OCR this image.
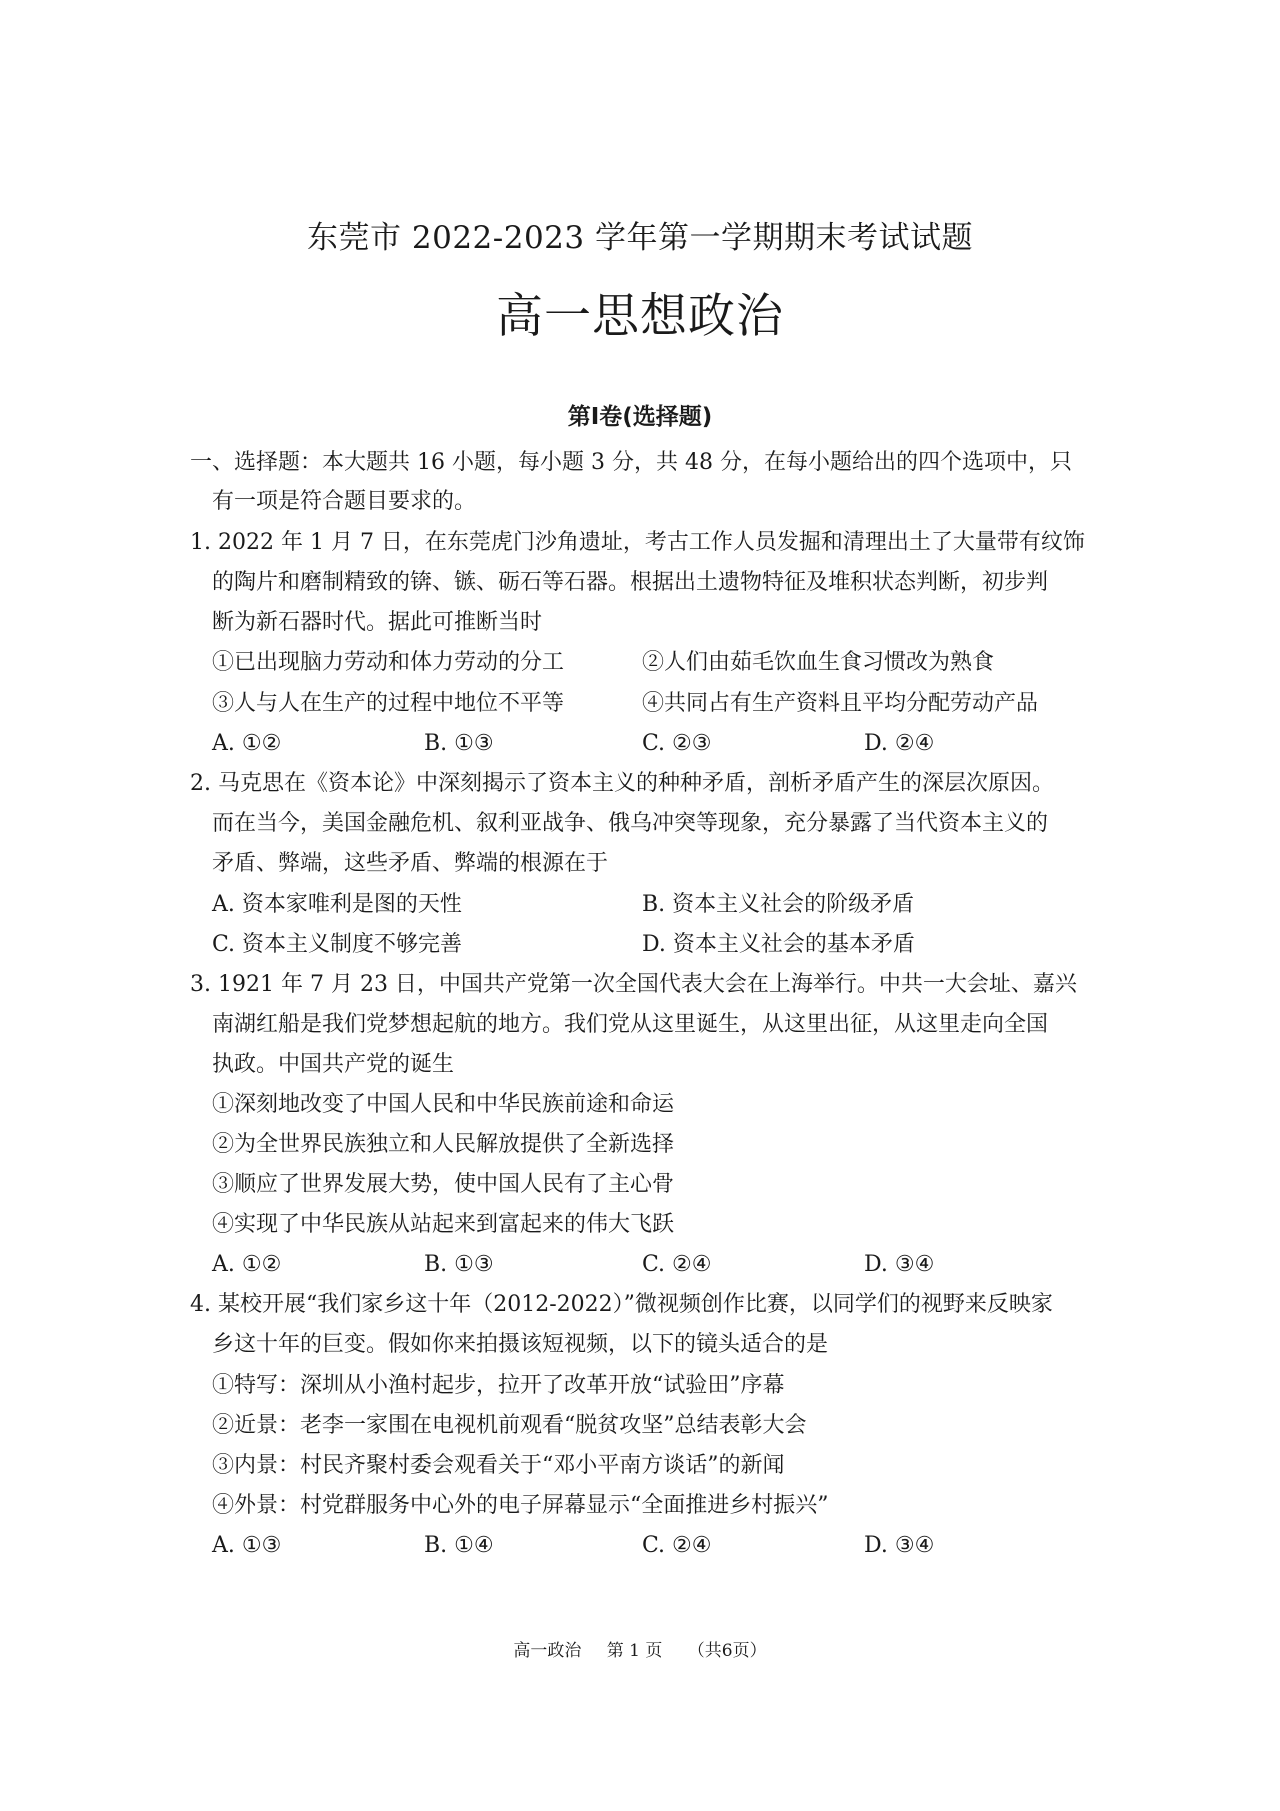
东莞市 2022-2023 学年第一学期期末考试试题
高一思想政治
第Ⅰ卷(选择题)
一、选择题：本大题共 16 小题，每小题 3 分，共 48 分，在每小题给出的四个选项中，只
有一项是符合题目要求的。
1. 2022 年 1 月 7 日，在东莞虎门沙角遗址，考古工作人员发掘和清理出土了大量带有纹饰
的陶片和磨制精致的锛、镞、砺石等石器。根据出土遗物特征及堆积状态判断，初步判
断为新石器时代。据此可推断当时
①已出现脑力劳动和体力劳动的分工	②人们由茹毛饮血生食习惯改为熟食
③人与人在生产的过程中地位不平等	④共同占有生产资料且平均分配劳动产品
A. ①②	B. ①③	C. ②③	D. ②④
2. 马克思在《资本论》中深刻揭示了资本主义的种种矛盾，剖析矛盾产生的深层次原因。
而在当今，美国金融危机、叙利亚战争、俄乌冲突等现象，充分暴露了当代资本主义的
矛盾、弊端，这些矛盾、弊端的根源在于
A. 资本家唯利是图的天性	B. 资本主义社会的阶级矛盾
C. 资本主义制度不够完善	D. 资本主义社会的基本矛盾
3. 1921 年 7 月 23 日，中国共产党第一次全国代表大会在上海举行。中共一大会址、嘉兴
南湖红船是我们党梦想起航的地方。我们党从这里诞生，从这里出征，从这里走向全国
执政。中国共产党的诞生
①深刻地改变了中国人民和中华民族前途和命运
②为全世界民族独立和人民解放提供了全新选择
③顺应了世界发展大势，使中国人民有了主心骨
④实现了中华民族从站起来到富起来的伟大飞跃
A. ①②	B. ①③	C. ②④	D. ③④
4. 某校开展“我们家乡这十年（2012-2022）”微视频创作比赛，以同学们的视野来反映家
乡这十年的巨变。假如你来拍摄该短视频，以下的镜头适合的是
①特写：深圳从小渔村起步，拉开了改革开放“试验田”序幕
②近景：老李一家围在电视机前观看“脱贫攻坚”总结表彰大会
③内景：村民齐聚村委会观看关于“邓小平南方谈话”的新闻
④外景：村党群服务中心外的电子屏幕显示“全面推进乡村振兴”
A. ①③	B. ①④	C. ②④	D. ③④
高一政治 第 1 页 （共6页）
